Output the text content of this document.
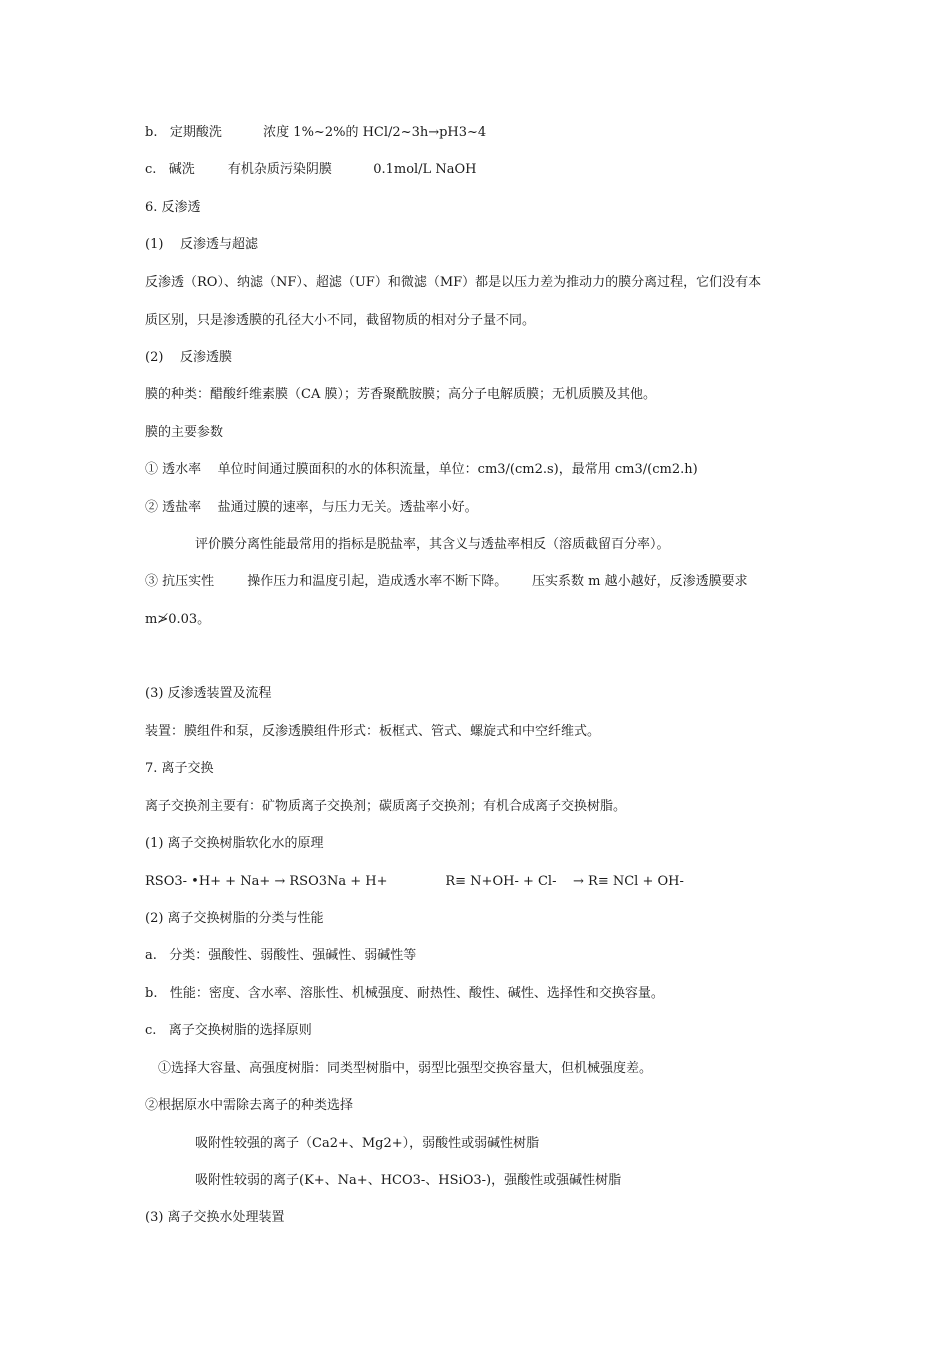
b.   定期酸洗          浓度 1%~2%的 HCl/2~3h→pH3~4
c.   碱洗        有机杂质污染阴膜          0.1mol/L NaOH
6. 反渗透
(1)    反渗透与超滤
反渗透（RO）、纳滤（NF）、超滤（UF）和微滤（MF）都是以压力差为推动力的膜分离过程，它们没有本
质区别，只是渗透膜的孔径大小不同，截留物质的相对分子量不同。
(2)    反渗透膜
膜的种类：醋酸纤维素膜（CA 膜）；芳香聚酰胺膜；高分子电解质膜；无机质膜及其他。
膜的主要参数
① 透水率    单位时间通过膜面积的水的体积流量，单位：cm3/(cm2.s)，最常用 cm3/(cm2.h)
② 透盐率    盐通过膜的速率，与压力无关。透盐率小好。
评价膜分离性能最常用的指标是脱盐率，其含义与透盐率相反（溶质截留百分率）。
③ 抗压实性        操作压力和温度引起，造成透水率不断下降。      压实系数 m 越小越好，反渗透膜要求
m≯0.03。
(3) 反渗透装置及流程
装置：膜组件和泵，反渗透膜组件形式：板框式、管式、螺旋式和中空纤维式。
7. 离子交换
离子交换剂主要有：矿物质离子交换剂；碳质离子交换剂；有机合成离子交换树脂。
(1) 离子交换树脂软化水的原理
RSO3- •H+ + Na+ → RSO3Na + H+              R≡ N+OH- + Cl-    → R≡ NCl + OH-
(2) 离子交换树脂的分类与性能
a.   分类：强酸性、弱酸性、强碱性、弱碱性等
b.   性能：密度、含水率、溶胀性、机械强度、耐热性、酸性、碱性、选择性和交换容量。
c.   离子交换树脂的选择原则
①选择大容量、高强度树脂：同类型树脂中，弱型比强型交换容量大，但机械强度差。
②根据原水中需除去离子的种类选择
吸附性较强的离子（Ca2+、Mg2+），弱酸性或弱碱性树脂
吸附性较弱的离子(K+、Na+、HCO3-、HSiO3-)，强酸性或强碱性树脂
(3) 离子交换水处理装置
